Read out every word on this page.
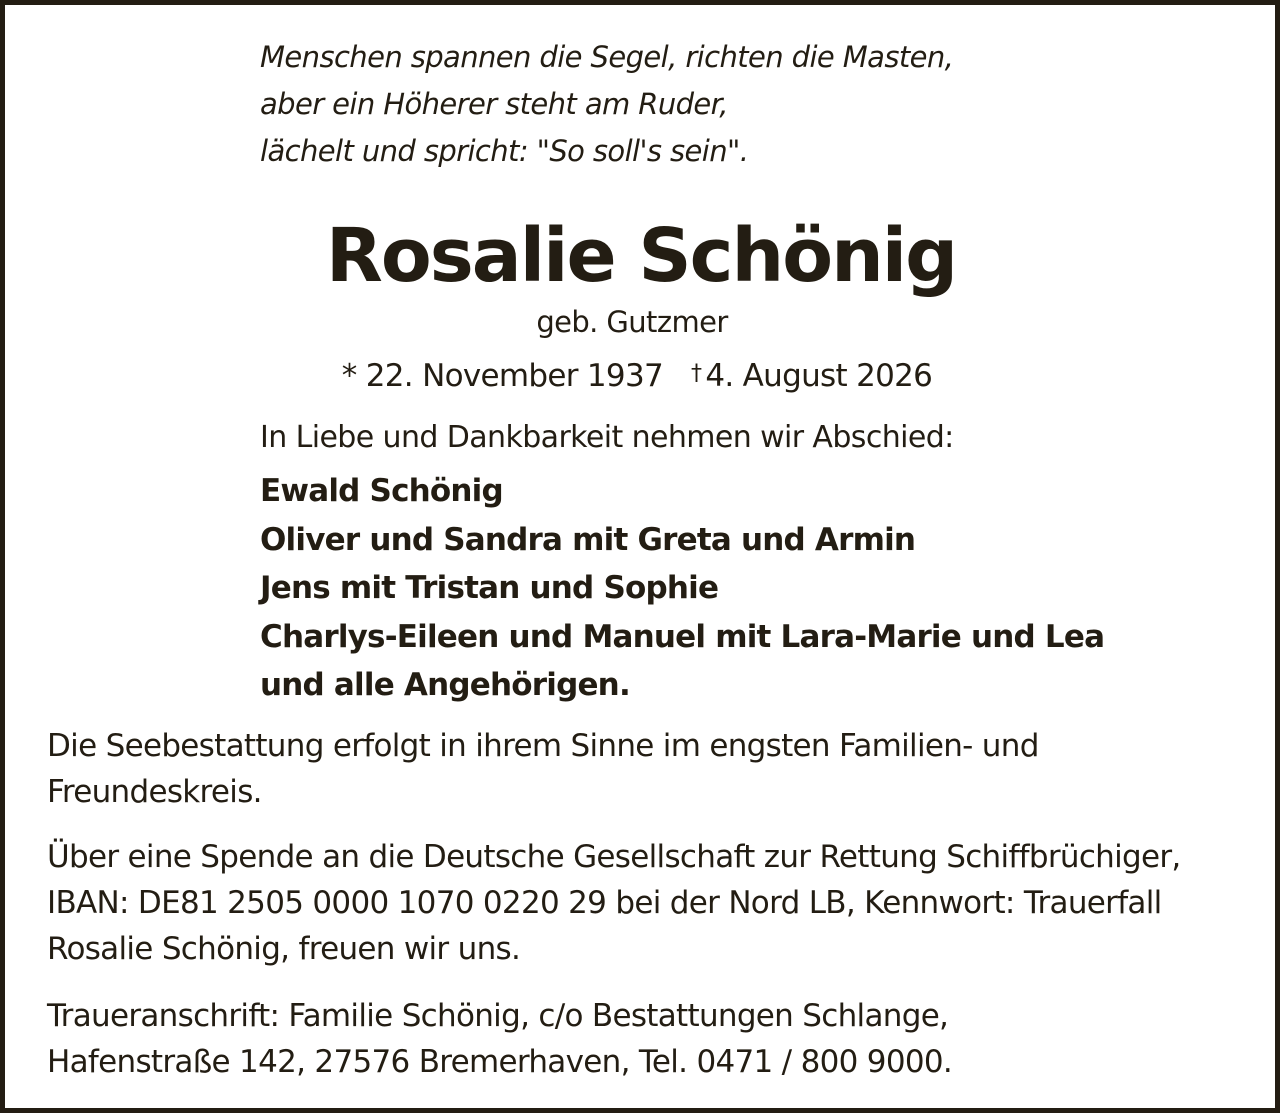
Menschen spannen die Segel, richten die Masten,
aber ein Höherer steht am Ruder,
lächelt und spricht: "So soll's sein".
Rosalie Schönig
geb. Gutzmer
* 22. November 1937 † 4. August 2026
In Liebe und Dankbarkeit nehmen wir Abschied:
Ewald Schönig
Oliver und Sandra mit Greta und Armin
Jens mit Tristan und Sophie
Charlys-Eileen und Manuel mit Lara-Marie und Lea
und alle Angehörigen.
Die Seebestattung erfolgt in ihrem Sinne im engsten Familien- und
Freundeskreis.
Über eine Spende an die Deutsche Gesellschaft zur Rettung Schiffbrüchiger,
IBAN: DE81 2505 0000 1070 0220 29 bei der Nord LB, Kennwort: Trauerfall
Rosalie Schönig, freuen wir uns.
Traueranschrift: Familie Schönig, c/o Bestattungen Schlange,
Hafenstraße 142, 27576 Bremerhaven, Tel. 0471 / 800 9000.
